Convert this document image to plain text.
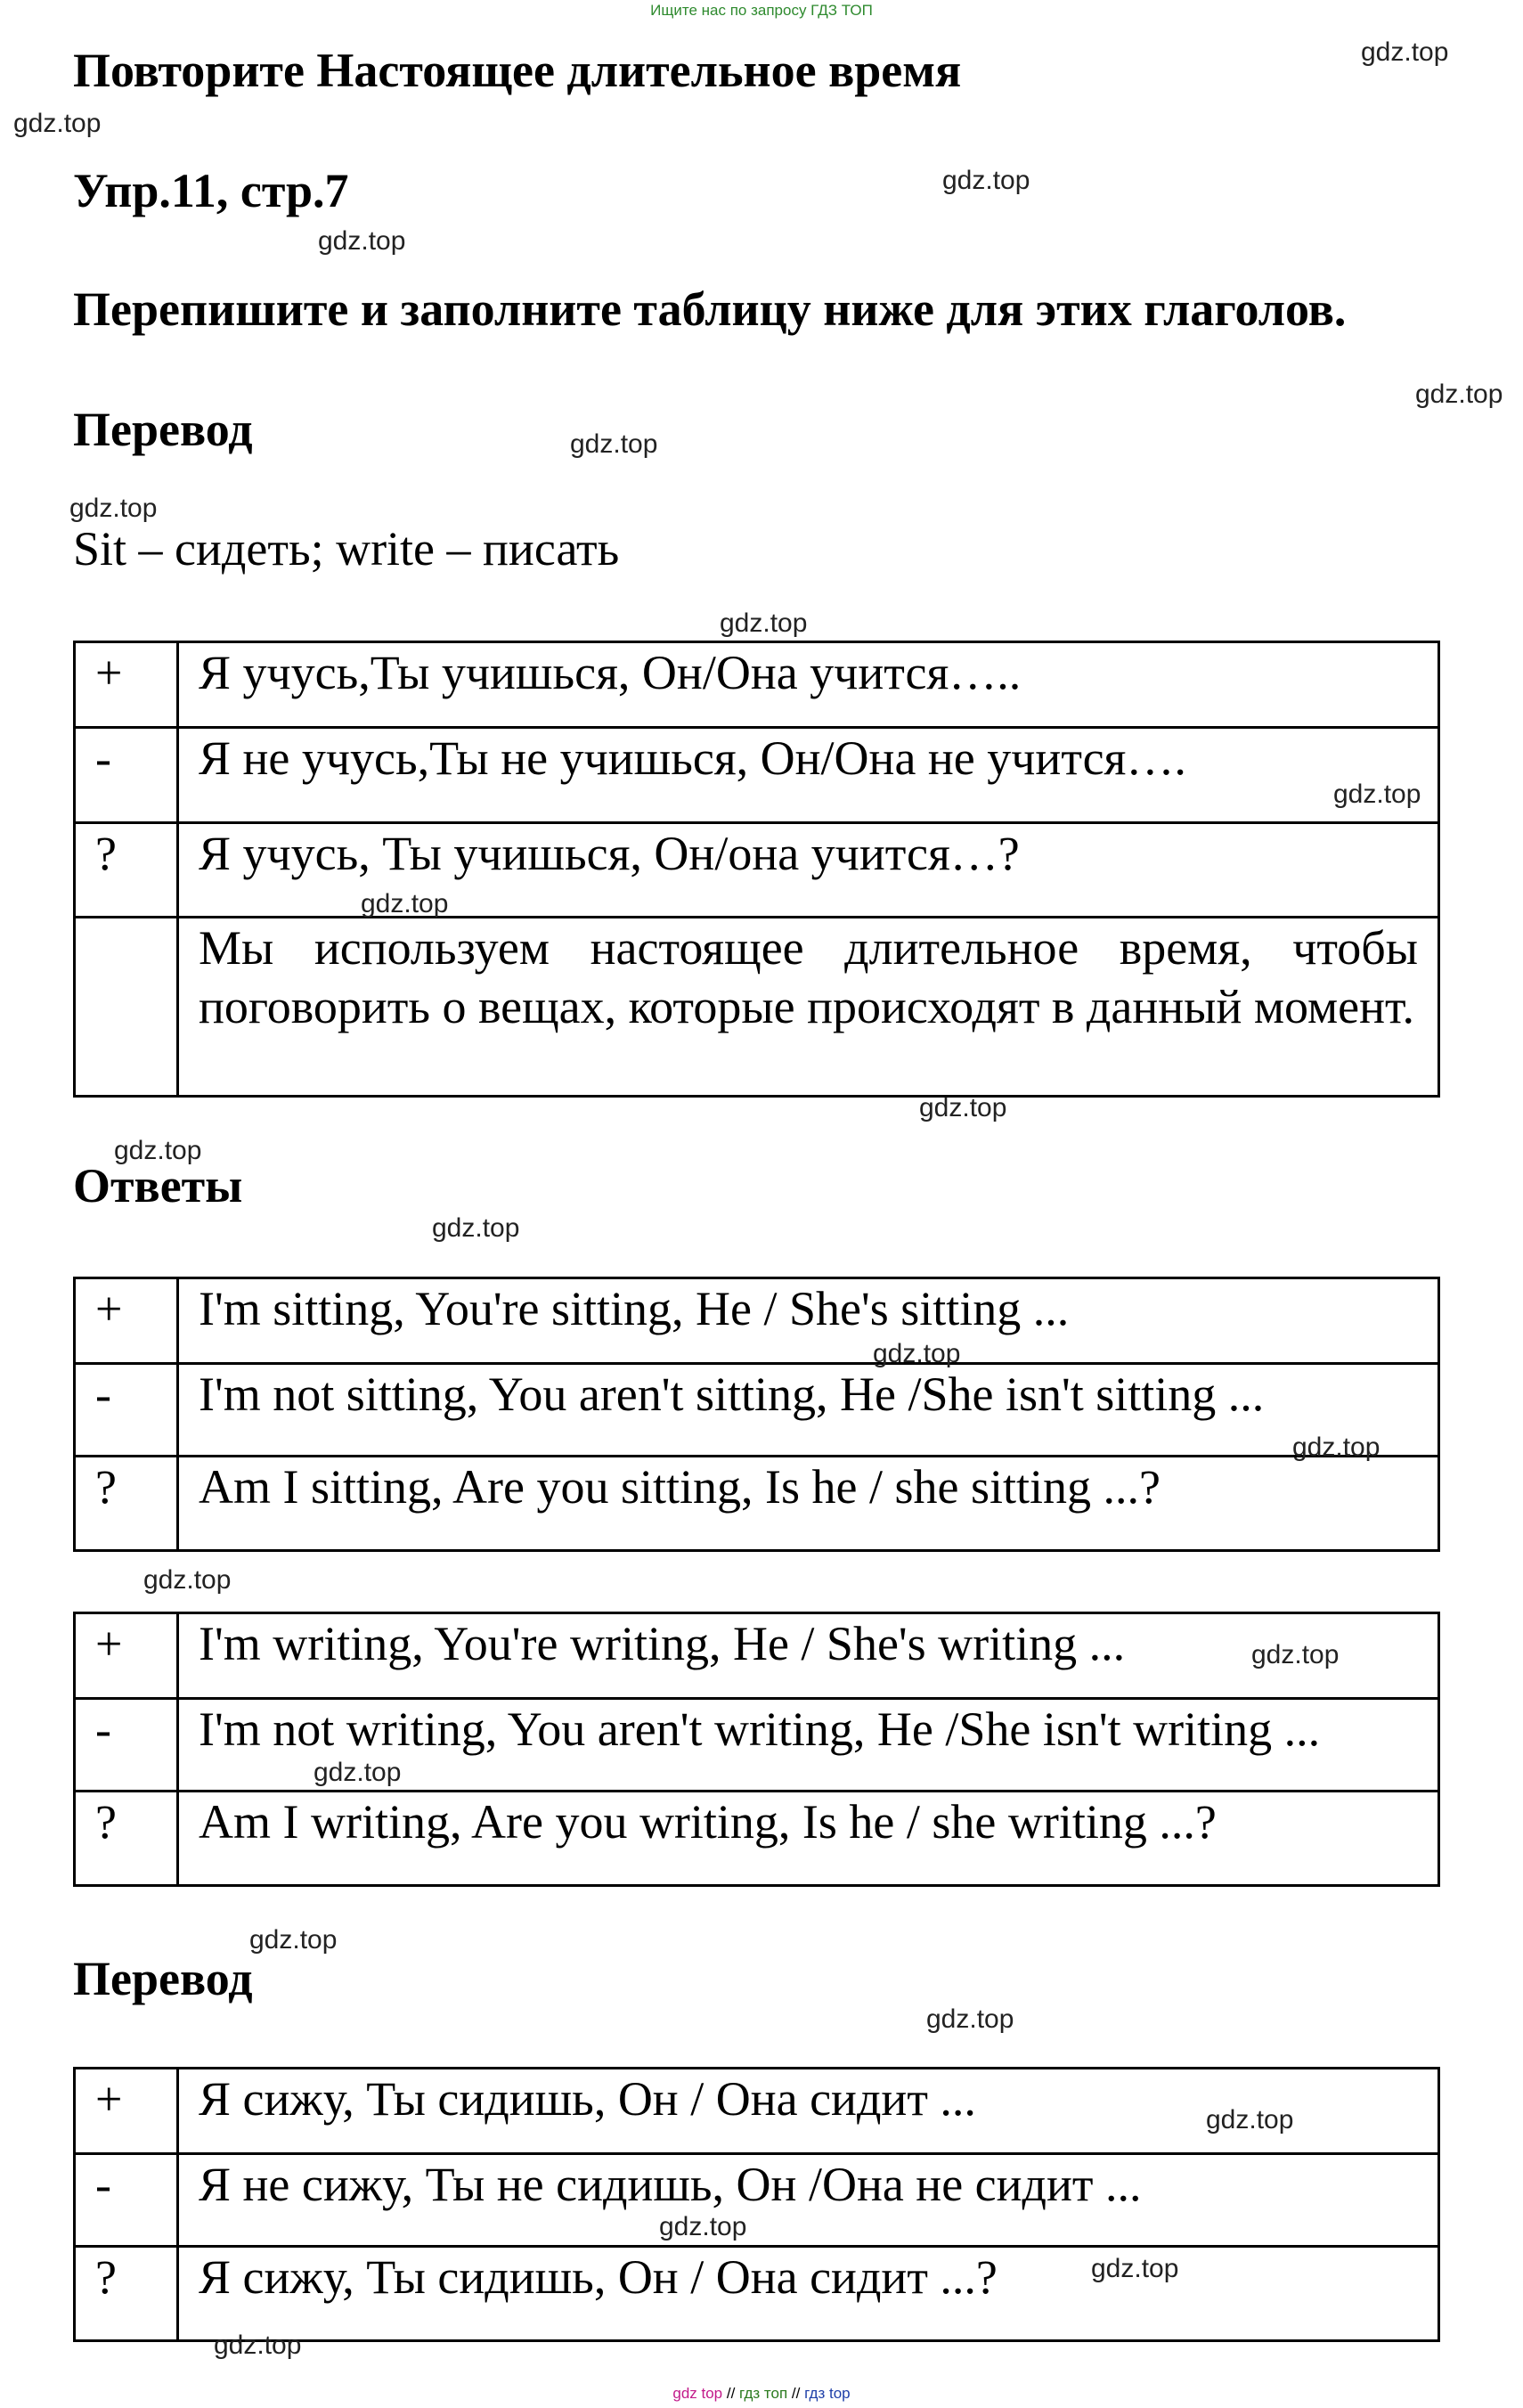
Ищите нас по запросу ГДЗ ТОП
Повторите Настоящее длительное время
Упр.11, стр.7
Перепишите и заполните таблицу ниже для этих глаголов.
Перевод
Sit – сидеть; write – писать
+	Я учусь,Ты учишься, Он/Она учится…..
-	Я не учусь,Ты не учишься, Он/Она не учится….
?	Я учусь, Ты учишься, Он/она учится…?
	Мы используем настоящее длительное время, чтобы поговорить о вещах, которые происходят в данный момент.
Ответы
+	I'm sitting, You're sitting, He / She's sitting ...
-	I'm not sitting, You aren't sitting, He /She isn't sitting ...
?	Am I sitting, Are you sitting, Is he / she sitting ...?
+	I'm writing, You're writing, He / She's writing ...
-	I'm not writing, You aren't writing, He /She isn't writing ...
?	Am I writing, Are you writing, Is he / she writing ...?
Перевод
+	Я сижу, Ты сидишь, Он / Она сидит ...
-	Я не сижу, Ты не сидишь, Он /Она не сидит ...
?	Я сижу, Ты сидишь, Он / Она сидит ...?
gdz.top
gdz.top
gdz.top
gdz.top
gdz.top
gdz.top
gdz.top
gdz.top
gdz.top
gdz.top
gdz.top
gdz.top
gdz.top
gdz.top
gdz.top
gdz.top
gdz.top
gdz.top
gdz.top
gdz.top
gdz.top
gdz.top
gdz.top
gdz.top
gdz top // гдз топ // гдз top
